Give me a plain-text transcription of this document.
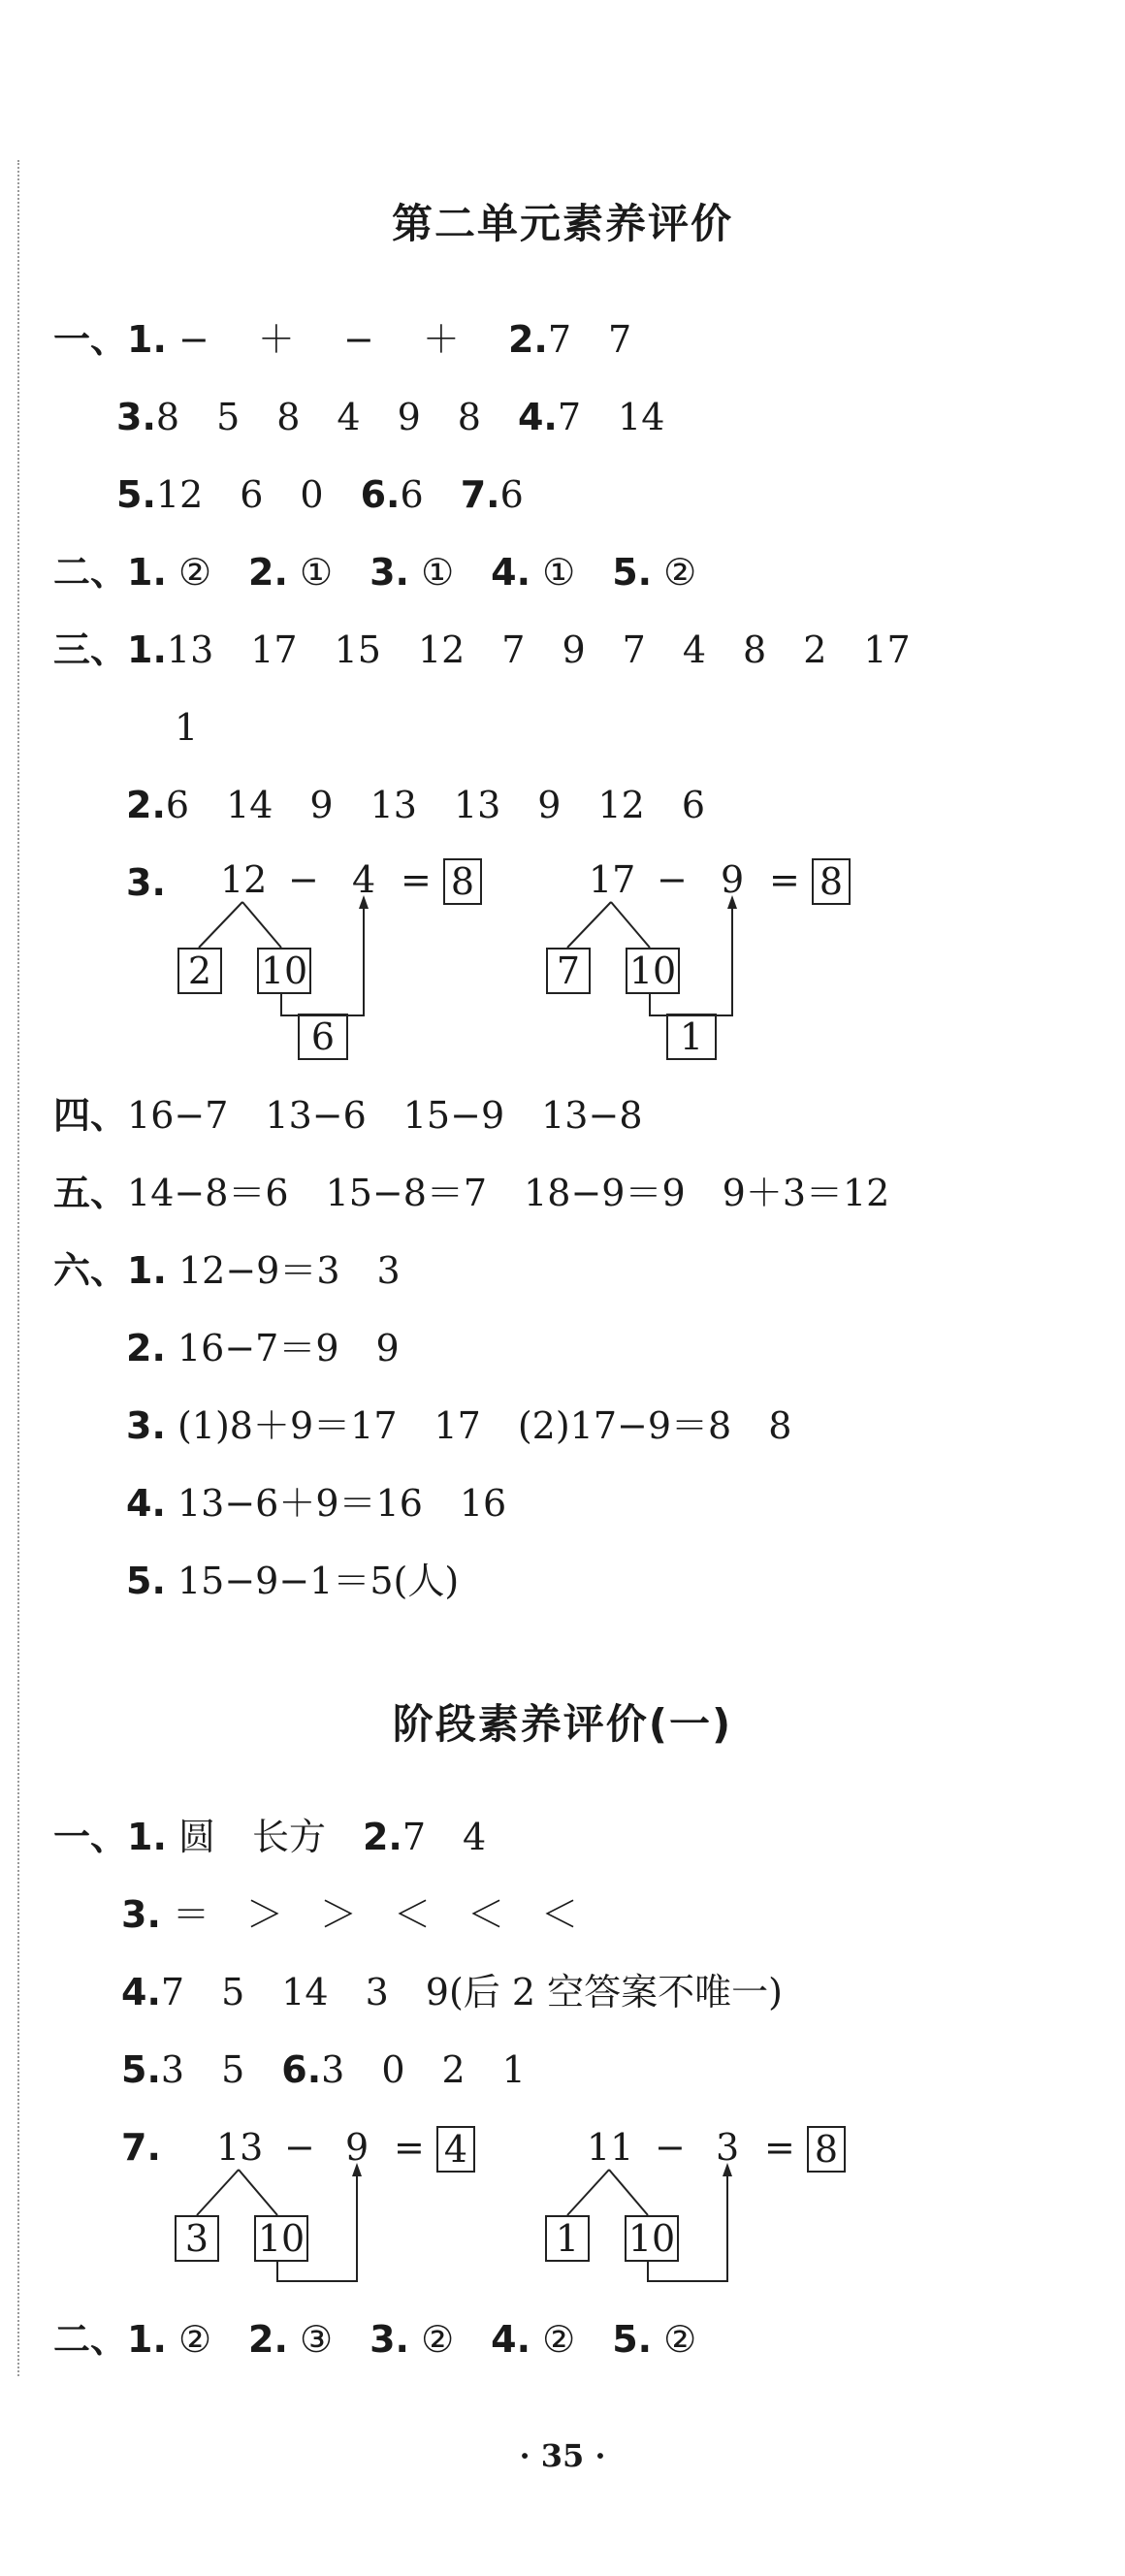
第二单元素养评价
一、1. −　 ＋　 −　 ＋　 2.7　7
3.8　5　8　4　9　8　4.7　14
5.12　6　0　6.6　7.6
二、1. ②　2. ①　3. ①　4. ①　5. ②
三、1.13　17　15　12　7　9　7　4　8　2　17
1
2.6　14　9　13　13　9　12　6
3. 12 − 4 = 8
2 10
6
17 − 9 = 8
7 10
1
四、16−7　13−6　15−9　13−8
五、14−8＝6　15−8＝7　18−9＝9　9＋3＝12
六、1. 12−9＝3　3
2. 16−7＝9　9
3. (1)8＋9＝17　17　(2)17−9＝8　8
4. 13−6＋9＝16　16
5. 15−9−1＝5(人)
阶段素养评价(一)
一、1. 圆　长方　2.7　4
3. ＝　＞　＞　＜　＜　＜
4.7　5　14　3　9(后 2 空答案不唯一)
5.3　5　6.3　0　2　1
7. 13 − 9 = 4
3 10
11 − 3 = 8
1 10
二、1. ②　2. ③　3. ②　4. ②　5. ②
· 35 ·
